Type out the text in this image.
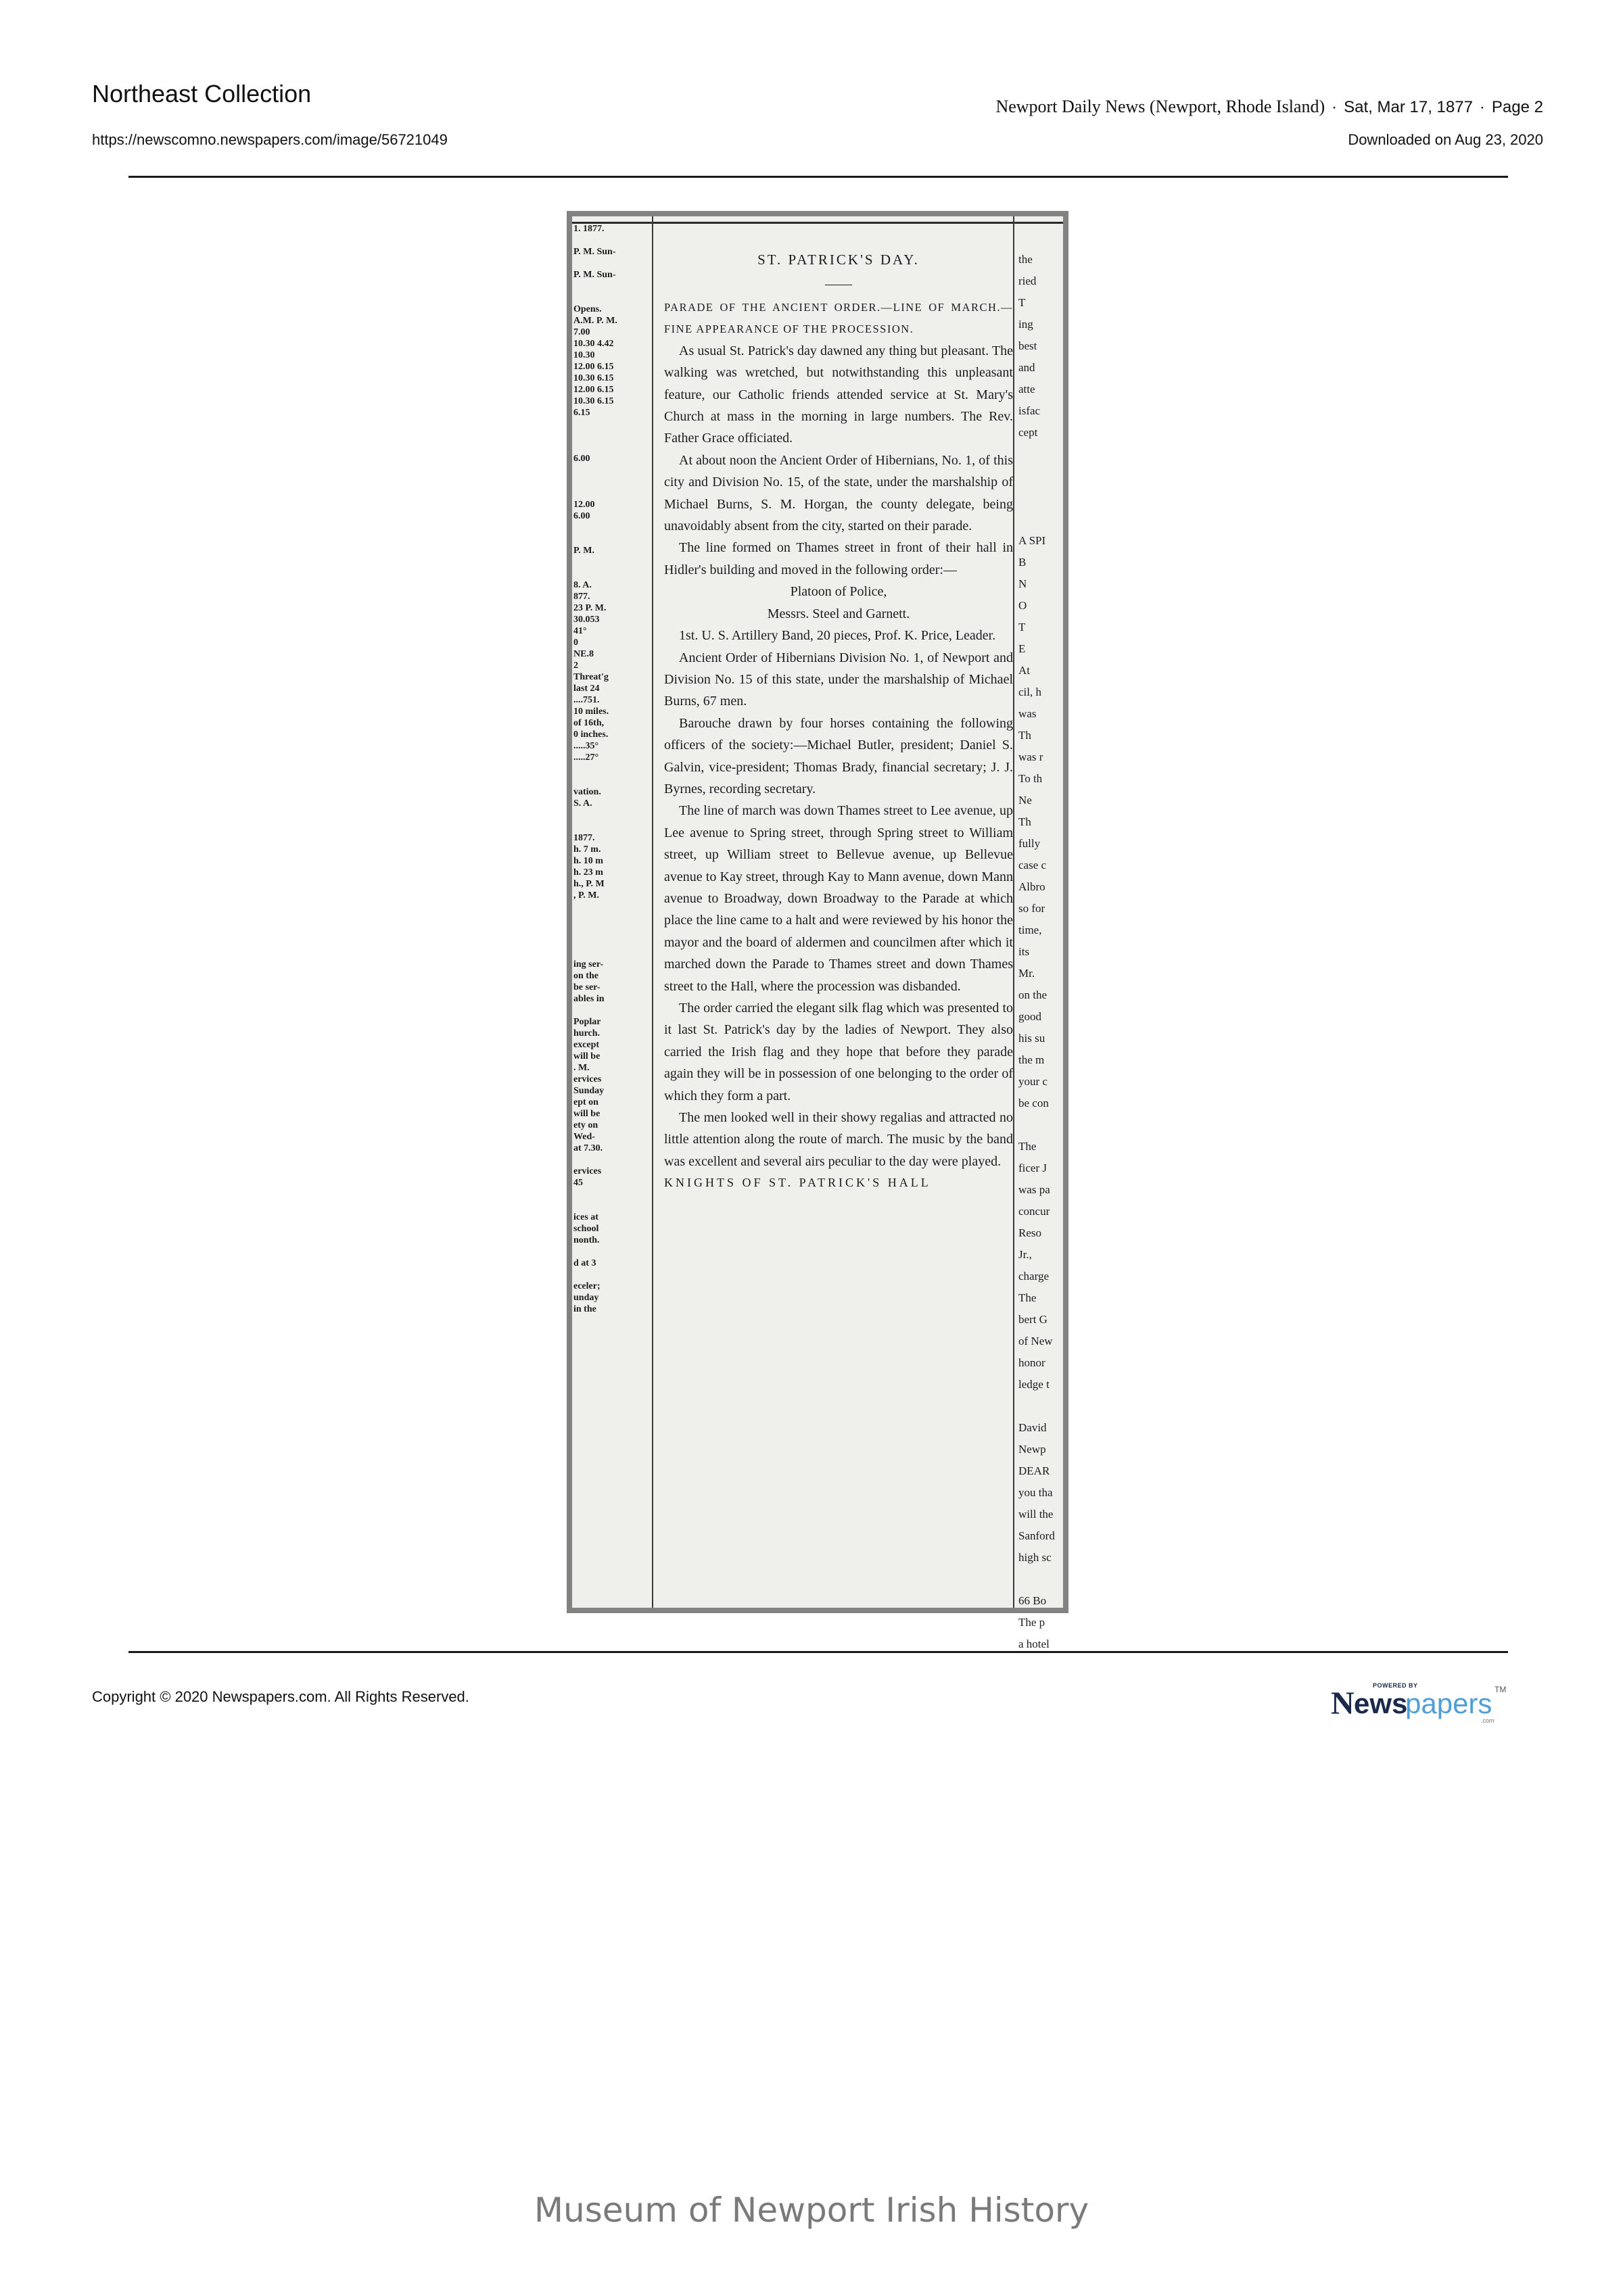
Northeast Collection
https://newscomno.newspapers.com/image/56721049
Newport Daily News (Newport, Rhode Island) · Sat, Mar 17, 1877 · Page 2
Downloaded on Aug 23, 2020
1. 1877.

P. M. Sun-

P. M. Sun-

Opens.
A.M. P. M.
7.00
10.30 4.42
10.30
12.00 6.15
10.30 6.15
12.00 6.15
10.30 6.15
6.15

6.00

12.00
6.00

P. M.

8. A.
877.
23 P. M.
30.053
41°
0
NE.8
2
Threat'g
last 24
....751.
10 miles.
of 16th,
0 inches.
.....35°
.....27°

vation.
S. A.

1877.
h. 7 m.
h. 10 m
h. 23 m
h., P. M
, P. M.

ing ser-
on the
be ser-
ables in

Poplar
hurch.
except
will be
. M.
ervices
Sunday
ept on
will be
ety on
Wed-
at 7.30.

ervices
45

ices at
school
nonth.

d at 3

eceler;
unday
in the
ST. PATRICK'S DAY.
——
PARADE OF THE ANCIENT ORDER.—LINE OF MARCH.—FINE APPEARANCE OF THE PROCESSION.
As usual St. Patrick's day dawned any thing but pleasant. The walking was wretched, but notwithstanding this unpleasant feature, our Catholic friends attended service at St. Mary's Church at mass in the morning in large numbers. The Rev. Father Grace officiated.
At about noon the Ancient Order of Hibernians, No. 1, of this city and Division No. 15, of the state, under the marshalship of Michael Burns, S. M. Horgan, the county delegate, being unavoidably absent from the city, started on their parade.
The line formed on Thames street in front of their hall in Hidler's building and moved in the following order:—
Platoon of Police,
Messrs. Steel and Garnett.
1st. U. S. Artillery Band, 20 pieces, Prof. K. Price, Leader.
Ancient Order of Hibernians Division No. 1, of Newport and Division No. 15 of this state, under the marshalship of Michael Burns, 67 men.
Barouche drawn by four horses containing the following officers of the society:—Michael Butler, president; Daniel S. Galvin, vice-president; Thomas Brady, financial secretary; J. J. Byrnes, recording secretary.
The line of march was down Thames street to Lee avenue, up Lee avenue to Spring street, through Spring street to William street, up William street to Bellevue avenue, up Bellevue avenue to Kay street, through Kay to Mann avenue, down Mann avenue to Broadway, down Broadway to the Parade at which place the line came to a halt and were reviewed by his honor the mayor and the board of aldermen and councilmen after which it marched down the Parade to Thames street and down Thames street to the Hall, where the procession was disbanded.
The order carried the elegant silk flag which was presented to it last St. Patrick's day by the ladies of Newport. They also carried the Irish flag and they hope that before they parade again they will be in possession of one belonging to the order of which they form a part.
The men looked well in their showy regalias and attracted no little attention along the route of march. The music by the band was excellent and several airs peculiar to the day were played.
KNIGHTS OF ST. PATRICK'S HALL
the
ried
T
ing
best
and
atte
isfac
cept

A SPI
B
N
O
T
E
At
cil, h
was
Th
was r
To th
Ne
Th
fully
case c
Albro
so for
time,
its
Mr.
on the
good
his su
the m
your c
be con

The
ficer J
was pa
concur
Reso
Jr.,
charge
The
bert G
of New
honor
ledge t

David
Newp
DEAR
you tha
will the
Sanford
high sc

66 Bo
The p
a hotel
Copyright © 2020 Newspapers.com. All Rights Reserved.
POWERED BY
N ews
papers TM
.com
Museum of Newport Irish History
